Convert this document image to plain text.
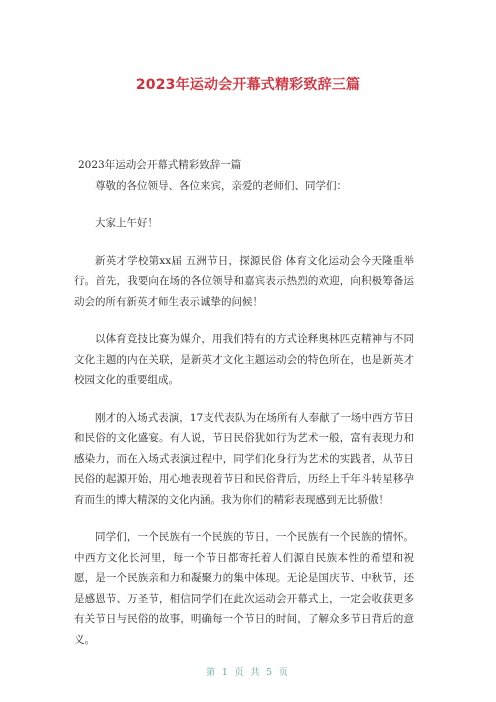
2023年运动会开幕式精彩致辞三篇

2023年运动会开幕式精彩致辞一篇

尊敬的各位领导、各位来宾，亲爱的老师们、同学们：

大家上午好！

新英才学校第xx届 五洲节日，探源民俗 体育文化运动会今天隆重举行。首先，我要向在场的各位领导和嘉宾表示热烈的欢迎，向积极筹备运动会的所有新英才师生表示诚挚的问候！

以体育竞技比赛为媒介，用我们特有的方式诠释奥林匹克精神与不同文化主题的内在关联，是新英才文化主题运动会的特色所在，也是新英才校园文化的重要组成。

刚才的入场式表演，17支代表队为在场所有人奉献了一场中西方节日和民俗的文化盛宴。有人说，节日民俗犹如行为艺术一般，富有表现力和感染力，而在入场式表演过程中，同学们化身行为艺术的实践者，从节日民俗的起源开始，用心地表现着节日和民俗背后，历经上千年斗转星移孕育而生的博大精深的文化内涵。我为你们的精彩表现感到无比骄傲！

同学们，一个民族有一个民族的节日，一个民族有一个民族的情怀。中西方文化长河里，每一个节日都寄托着人们源自民族本性的希望和祝愿，是一个民族亲和力和凝聚力的集中体现。无论是国庆节、中秋节，还是感恩节、万圣节，相信同学们在此次运动会开幕式上，一定会收获更多有关节日与民俗的故事，明确每一个节日的时间，了解众多节日背后的意义。

第 1 页 共 5 页
